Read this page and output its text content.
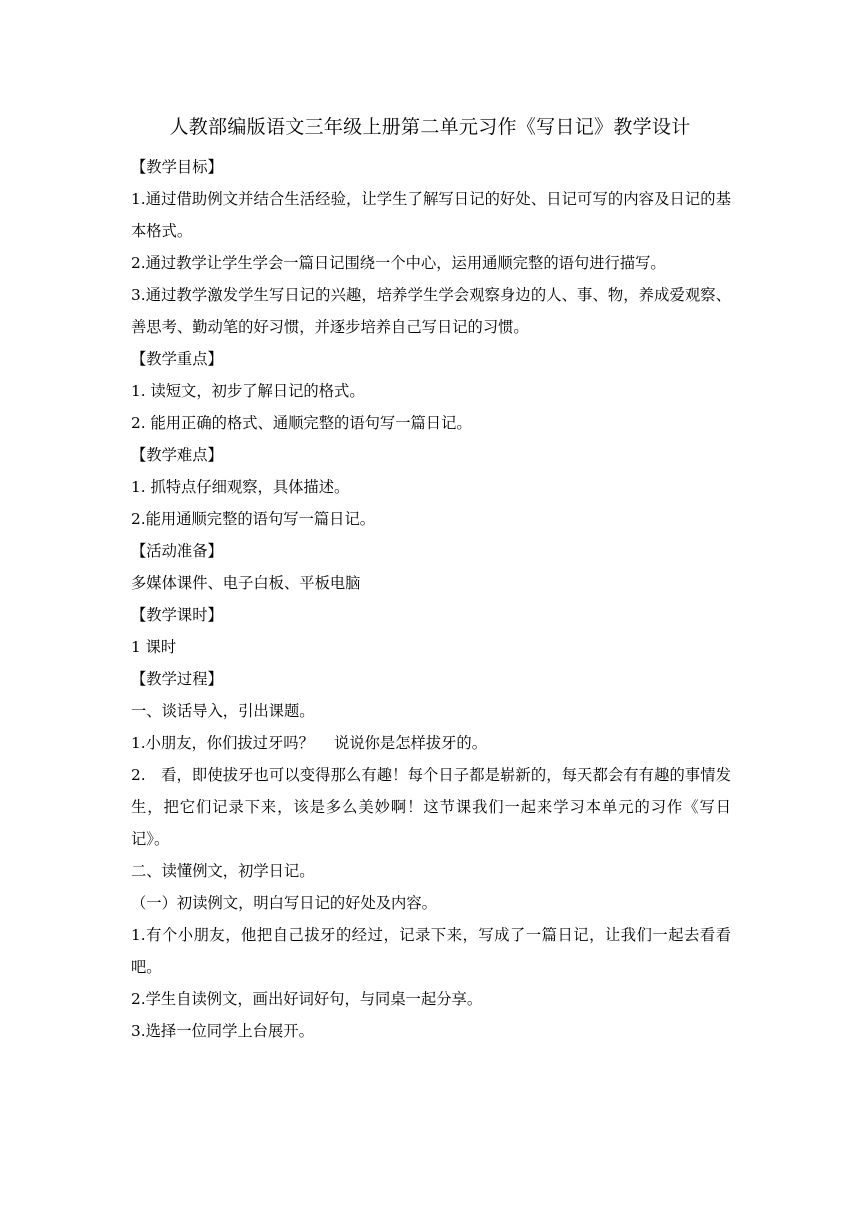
人教部编版语文三年级上册第二单元习作《写日记》教学设计

【教学目标】

1.通过借助例文并结合生活经验，让学生了解写日记的好处、日记可写的内容及日记的基本格式。

2.通过教学让学生学会一篇日记围绕一个中心，运用通顺完整的语句进行描写。

3.通过教学激发学生写日记的兴趣，培养学生学会观察身边的人、事、物，养成爱观察、善思考、勤动笔的好习惯，并逐步培养自己写日记的习惯。

【教学重点】

1. 读短文，初步了解日记的格式。

2. 能用正确的格式、通顺完整的语句写一篇日记。

【教学难点】

1. 抓特点仔细观察，具体描述。

2.能用通顺完整的语句写一篇日记。

【活动准备】

多媒体课件、电子白板、平板电脑

【教学课时】

1 课时

【教学过程】

一、谈话导入，引出课题。

1.小朋友，你们拔过牙吗？　 说说你是怎样拔牙的。

2.　看，即使拔牙也可以变得那么有趣！每个日子都是崭新的，每天都会有有趣的事情发生，把它们记录下来，该是多么美妙啊！这节课我们一起来学习本单元的习作《写日记》。

二、读懂例文，初学日记。

（一）初读例文，明白写日记的好处及内容。

1.有个小朋友，他把自己拔牙的经过，记录下来，写成了一篇日记，让我们一起去看看吧。

2.学生自读例文，画出好词好句，与同桌一起分享。

3.选择一位同学上台展开。
